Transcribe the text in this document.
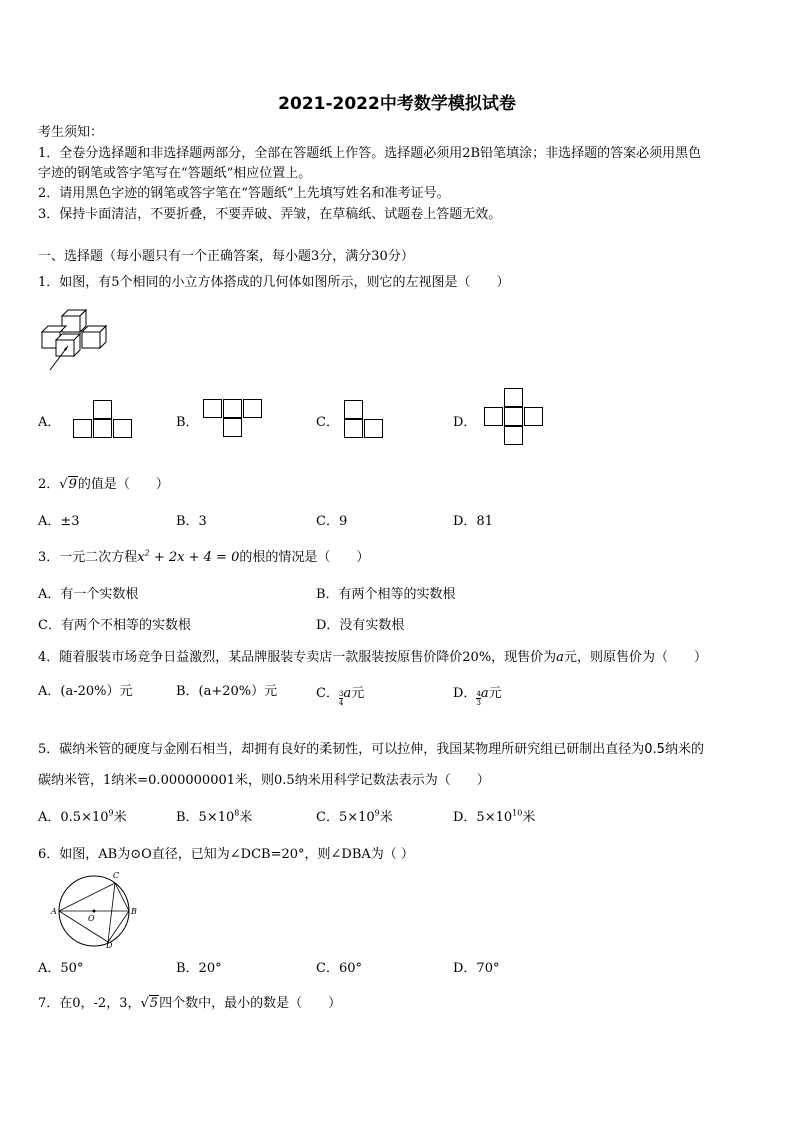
2021-2022中考数学模拟试卷
考生须知：
1．全卷分选择题和非选择题两部分，全部在答题纸上作答。选择题必须用2B铅笔填涂；非选择题的答案必须用黑色
字迹的钢笔或答字笔写在“答题纸”相应位置上。
2．请用黑色字迹的钢笔或答字笔在“答题纸”上先填写姓名和准考证号。
3．保持卡面清洁，不要折叠，不要弄破、弄皱，在草稿纸、试题卷上答题无效。
一、选择题（每小题只有一个正确答案，每小题3分，满分30分）
1．如图，有5个相同的小立方体搭成的几何体如图所示，则它的左视图是（　　）
A．	B．	C．	D．
2．√9的值是（　　）
A．±3	B．3	C．9	D．81
3．一元二次方程$x^2 + 2x + 4 = 0$的根的情况是（　　）
A．有一个实数根	B．有两个相等的实数根
C．有两个不相等的实数根	D．没有实数根
4．随着服装市场竞争日益激烈，某品牌服装专卖店一款服装按原售价降价20%，现售价为a元，则原售价为（　　）
A．(a-20%）元	B．(a+20%）元	C． $\frac{3}{4}$ a元	D． $\frac{4}{3}$ a元
5．碳纳米管的硬度与金刚石相当，却拥有良好的柔韧性，可以拉伸，我国某物理所研究组已研制出直径为0.5纳米的
碳纳米管，1纳米=0.000000001米，则0.5纳米用科学记数法表示为（　　）
A．$0.5\times 10^9$米	B．$5\times 10^8$米	C．$5\times 10^9$米	D．$5\times 10^{10}$米
6．如图，AB为⊙O直径，已知为∠DCB=20°，则∠DBA为（ ）
A	B
C
D
O
A．50°	B．20°	C．60°	D．70°
7．在0，-2，3，√5四个数中，最小的数是（　　）
